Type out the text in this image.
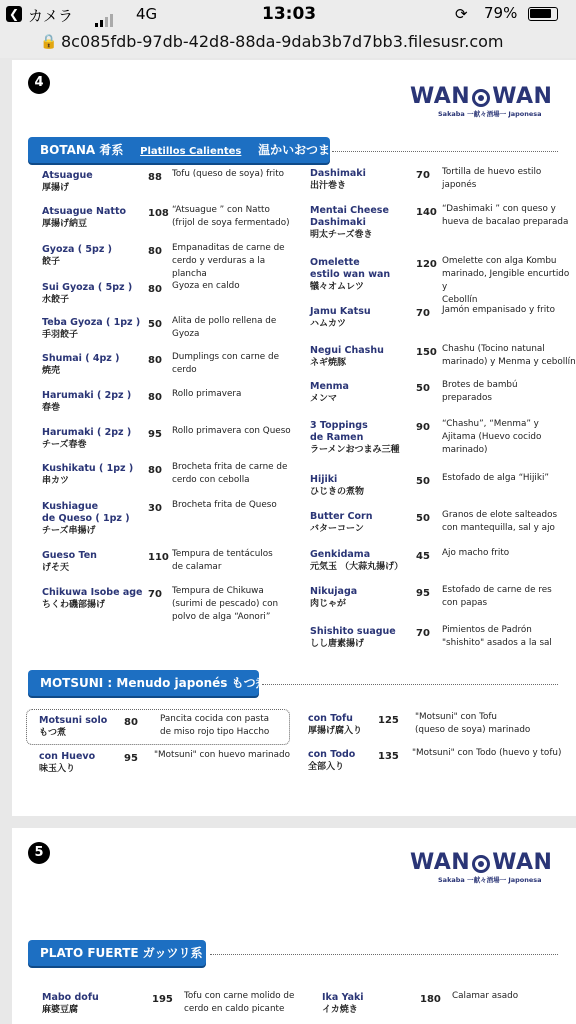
❮ カメラ	4G	13:03	⟳ 79%
🔒 8c085fdb-97db-42d8-88da-9dab3b7d7bb3.filesusr.com
4
WAN WAN
Sakaba 一献々酒場一 Japonesa
BOTANA 肴系 Platillos Calientes 温かいおつまみ
Atsuague
厚揚げ
88 Tofu (queso de soya) frito
Atsuague Natto
厚揚げ納豆
108 “Atsuague ” con Natto
(frijol de soya fermentado)
Gyoza ( 5pz )
餃子
80 Empanaditas de carne de
cerdo y verduras a la
plancha
Sui Gyoza ( 5pz )
水餃子
80 Gyoza en caldo
Teba Gyoza ( 1pz )
手羽餃子
50 Alita de pollo rellena de
Gyoza
Shumai ( 4pz )
焼売
80 Dumplings con carne de
cerdo
Harumaki ( 2pz )
春巻
80 Rollo primavera
Harumaki ( 2pz )
チーズ春巻
95 Rollo primavera con Queso
Kushikatu ( 1pz )
串カツ
80 Brocheta frita de carne de
cerdo con cebolla
Kushiague
de Queso ( 1pz )
チーズ串揚げ
30 Brocheta frita de Queso
Gueso Ten
げそ天
110 Tempura de tentáculos
de calamar
Chikuwa Isobe age
ちくわ磯部揚げ
70 Tempura de Chikuwa
(surimi de pescado) con
polvo de alga “Aonori”
Dashimaki
出汁巻き
70 Tortilla de huevo estilo
japonés
Mentai Cheese
Dashimaki
明太チーズ巻き
140 “Dashimaki ” con queso y
hueva de bacalao preparada
Omelette
estilo wan wan
犠々オムレツ
120 Omelette con alga Kombu
marinado, Jengible encurtido y
Cebollín
Jamu Katsu
ハムカツ
70 Jamón empanisado y frito
Negui Chashu
ネギ焼豚
150 Chashu (Tocino natunal
marinado) y Menma y cebollín
Menma
メンマ
50 Brotes de bambú
preparados
3 Toppings
de Ramen
ラーメンおつまみ三種
90 “Chashu”, “Menma” y
Ajitama (Huevo cocido
marinado)
Hijiki
ひじきの煮物
50 Estofado de alga “Hijiki”
Butter Corn
バターコーン
50 Granos de elote salteados
con mantequilla, sal y ajo
Genkidama
元気玉 （大蒜丸揚げ）
45 Ajo macho frito
Nikujaga
肉じゃが
95 Estofado de carne de res
con papas
Shishito suague
しし唐素揚げ
70 Pimientos de Padrón
"shishito" asados a la sal
MOTSUNI : Menudo japonés もつ煮
Motsuni solo
もつ煮
80	Pancita cocida con pasta
de miso rojo tipo Haccho
con Huevo
味玉入り
95 "Motsuni" con huevo marinado
con Tofu
厚揚げ腐入り
125 "Motsuni" con Tofu
(queso de soya) marinado
con Todo
全部入り
135 "Motsuni" con Todo (huevo y tofu)
5	WAN WAN
Sakaba 一献々酒場一 Japonesa
PLATO FUERTE ガッツリ系
Mabo dofu
麻婆豆腐
195 Tofu con carne molido de
cerdo en caldo picante
Ika Yaki
イカ焼き
180 Calamar asado
